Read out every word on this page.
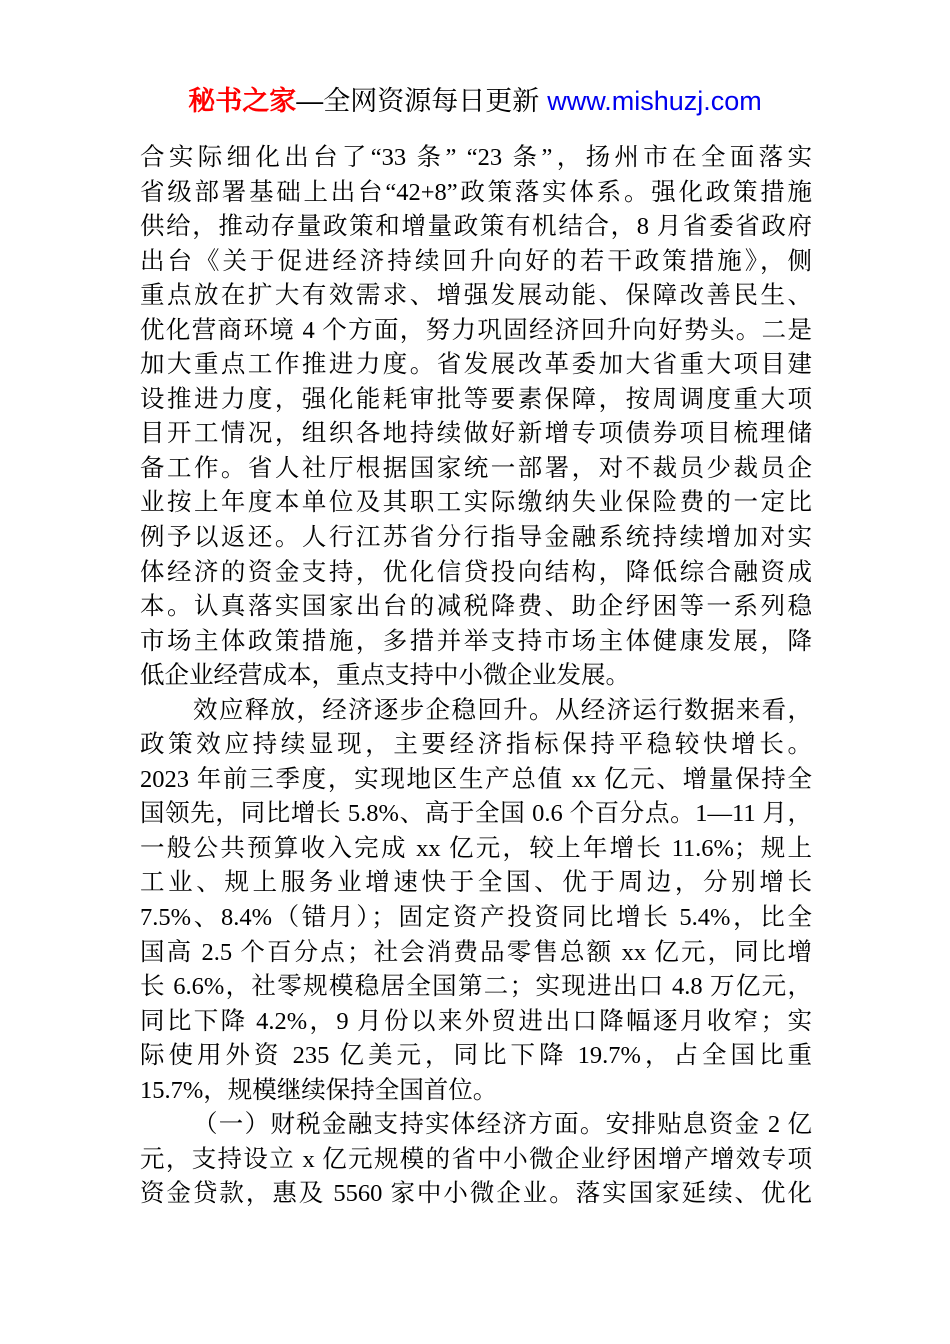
秘书之家—全网资源每日更新 www.mishuzj.com
合实际细化出台了“33 条” “23 条”，扬州市在全面落实
省级部署基础上出台“42+8”政策落实体系。强化政策措施
供给，推动存量政策和增量政策有机结合，8 月省委省政府
出台《关于促进经济持续回升向好的若干政策措施》，侧
重点放在扩大有效需求、增强发展动能、保障改善民生、
优化营商环境 4 个方面，努力巩固经济回升向好势头。二是
加大重点工作推进力度。省发展改革委加大省重大项目建
设推进力度，强化能耗审批等要素保障，按周调度重大项
目开工情况，组织各地持续做好新增专项债券项目梳理储
备工作。省人社厅根据国家统一部署，对不裁员少裁员企
业按上年度本单位及其职工实际缴纳失业保险费的一定比
例予以返还。人行江苏省分行指导金融系统持续增加对实
体经济的资金支持，优化信贷投向结构，降低综合融资成
本。认真落实国家出台的减税降费、助企纾困等一系列稳
市场主体政策措施，多措并举支持市场主体健康发展，降
低企业经营成本，重点支持中小微企业发展。
效应释放，经济逐步企稳回升。从经济运行数据来看，
政策效应持续显现，主要经济指标保持平稳较快增长。
2023 年前三季度，实现地区生产总值 xx 亿元、增量保持全
国领先，同比增长 5.8%、高于全国 0.6 个百分点。1—11 月，
一般公共预算收入完成 xx 亿元，较上年增长 11.6%；规上
工业、规上服务业增速快于全国、优于周边，分别增长
7.5%、8.4%（错月）；固定资产投资同比增长 5.4%，比全
国高 2.5 个百分点；社会消费品零售总额 xx 亿元，同比增
长 6.6%，社零规模稳居全国第二；实现进出口 4.8 万亿元，
同比下降 4.2%，9 月份以来外贸进出口降幅逐月收窄；实
际使用外资 235 亿美元，同比下降 19.7%，占全国比重
15.7%，规模继续保持全国首位。
（一）财税金融支持实体经济方面。安排贴息资金 2 亿
元，支持设立 x 亿元规模的省中小微企业纾困增产增效专项
资金贷款，惠及 5560 家中小微企业。落实国家延续、优化
